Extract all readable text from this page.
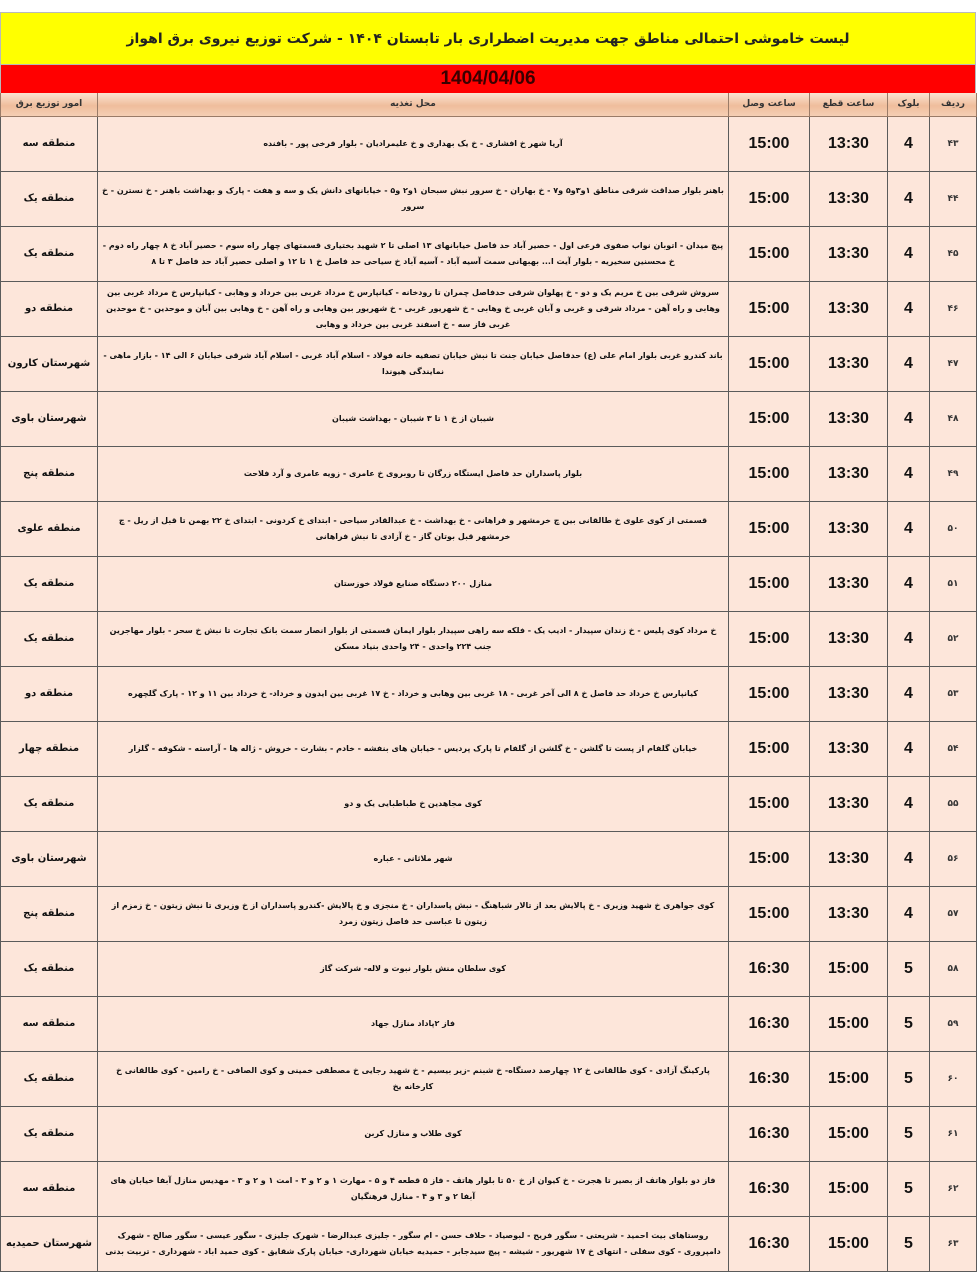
لیست خاموشی احتمالی مناطق جهت مدیریت اضطراری بار تابستان ۱۴۰۴ - شرکت توزیع نیروی برق اهواز
1404/04/06
ردیف	بلوک	ساعت قطع	ساعت وصل	محل تغذیه	امور توزیع برق
۴۳	4	13:30	15:00	آریا شهر خ افشاری - خ یک بهداری و خ علیمرادیان - بلوار فرخی پور - بافنده	منطقه سه
۴۴	4	13:30	15:00	باهنر بلوار صداقت شرقی مناطق ۱و۳و۵ و۷ - خ بهاران - خ سرور نبش سبحان ۱و۲ و۵ - خیابانهای دانش یک و سه و هفت - پارک و بهداشت باهنر - خ نسترن - خ سرور	منطقه یک
۴۵	4	13:30	15:00	پیچ میدان - اتوبان نواب صفوی فرعی اول - حصیر آباد حد فاصل خیابانهای ۱۳ اصلی تا ۲ شهید بختیاری قسمتهای چهار راه سوم - حصیر آباد خ ۸ چهار راه دوم - خ محسنین سخیریه - بلوار آیت ا... بهبهانی سمت آسیه آباد - آسیه آباد خ سیاحی حد فاصل خ ۱ تا ۱۲ و اصلی حصیر آباد حد فاصل ۳ تا ۸	منطقه یک
۴۶	4	13:30	15:00	سروش شرقی بین خ مریم یک و دو - خ پهلوان شرقی حدفاصل چمران تا رودخانه - کیانپارس خ مرداد غربی بین خرداد و وهابی - کیانپارس خ مرداد غربی بین وهابی و راه آهن - مرداد شرقی و غربی و آبان غربی خ وهابی - خ شهریور غربی - خ شهریور بین وهابی و راه آهن - خ وهابی بین آبان و موحدین - خ موحدین غربی فاز سه - خ اسفند غربی بین خرداد و وهابی	منطقه دو
۴۷	4	13:30	15:00	باند کندرو غربی بلوار امام علی (ع) حدفاصل خیابان جنت تا نبش خیابان تصفیه خانه فولاد - اسلام آباد غربی - اسلام آباد شرقی خیابان ۶ الی ۱۴ - بازار ماهی - نمایندگی هیوندا	شهرستان کارون
۴۸	4	13:30	15:00	شیبان از خ ۱ تا ۳ شیبان - بهداشت شیبان	شهرستان باوی
۴۹	4	13:30	15:00	بلوار پاسداران حد فاصل ایستگاه زرگان تا روبروی خ عامری - زویه عامری و آرد فلاحت	منطقه پنج
۵۰	4	13:30	15:00	قسمتی از کوی علوی خ طالقانی بین چ خرمشهر و فراهانی - خ بهداشت - خ عبدالقادر سیاحی - ابتدای خ کردونی - ابتدای خ ۲۲ بهمن تا قبل از ریل - چ خرمشهر قبل بوتان گاز - خ آزادی تا نبش فراهانی	منطقه علوی
۵۱	4	13:30	15:00	منازل ۲۰۰ دستگاه صنایع فولاد خوزستان	منطقه یک
۵۲	4	13:30	15:00	خ مرداد کوی پلیس - خ زندان سپیدار - ادیب یک - فلکه سه راهی سپیدار بلوار ایمان قسمتی از بلوار انصار سمت بانک تجارت تا نبش خ سحر - بلوار مهاجرین جنب ۲۲۴ واحدی - ۲۴ واحدی بنیاد مسکن	منطقه یک
۵۳	4	13:30	15:00	کیانپارس خ خرداد حد فاصل خ ۸ الی آخر غربی - ۱۸ غربی بین وهابی و خرداد - خ ۱۷ غربی بین ایدون و خرداد- خ خرداد بین ۱۱ و ۱۲ - پارک گلچهره	منطقه دو
۵۴	4	13:30	15:00	خیابان گلفام از پست تا گلشن - خ گلشن از گلفام تا پارک پردیس - خیابان های بنفشه - خادم - بشارت - خروش - ژاله ها - آراسته - شکوفه - گلزار	منطقه چهار
۵۵	4	13:30	15:00	کوی مجاهدین خ طباطبایی یک و دو	منطقه یک
۵۶	4	13:30	15:00	شهر ملاثانی - عباره	شهرستان باوی
۵۷	4	13:30	15:00	کوی جواهری خ شهید وزیری - خ پالایش بعد از تالار شباهنگ - نبش پاسداران - خ منجزی و خ پالایش -کندرو پاسداران از خ وزیری تا نبش زیتون - خ زمزم از زیتون تا عباسی حد فاصل زیتون زمرد	منطقه پنج
۵۸	5	15:00	16:30	کوی سلطان منش بلوار نبوت و لاله- شرکت گاز	منطقه یک
۵۹	5	15:00	16:30	فاز ۲پاداد منازل جهاد	منطقه سه
۶۰	5	15:00	16:30	پارکینگ آزادی - کوی طالقانی خ ۱۲ چهارصد دستگاه- خ شبنم -زیر بیسیم - خ شهید رجایی خ مصطفی خمینی و کوی الصافی - خ رامین - کوی طالقانی خ کارخانه یخ	منطقه یک
۶۱	5	15:00	16:30	کوی طلاب و منازل کربن	منطقه یک
۶۲	5	15:00	16:30	فاز دو بلوار هاتف از بصیر تا هجرت - خ کیوان از خ ۵۰ تا بلوار هاتف - فاز ۵ قطعه ۴ و ۵ - مهارت ۱ و ۲ و ۳ - امت ۱ و ۲ و ۳ - مهدیس منازل آبفا خیابان های آبفا ۲ و ۳ و ۴ - منازل فرهنگیان	منطقه سه
۶۳	5	15:00	16:30	روستاهای بیت احمید - شریعتی - سگور فریح - لبوصیاد - حلاف حسن - ام سگور - جلیزی عبدالرضا - شهرک جلیزی - سگور عیسی - سگور صالح - شهرک دامپروری - کوی سفلی - انتهای خ ۱۷ شهریور - شیشه - پیچ سیدجابر - حمیدیه خیابان شهرداری- خیابان پارک شقایق - کوی حمید اباد - شهرداری - تربیت بدنی	شهرستان حمیدیه
